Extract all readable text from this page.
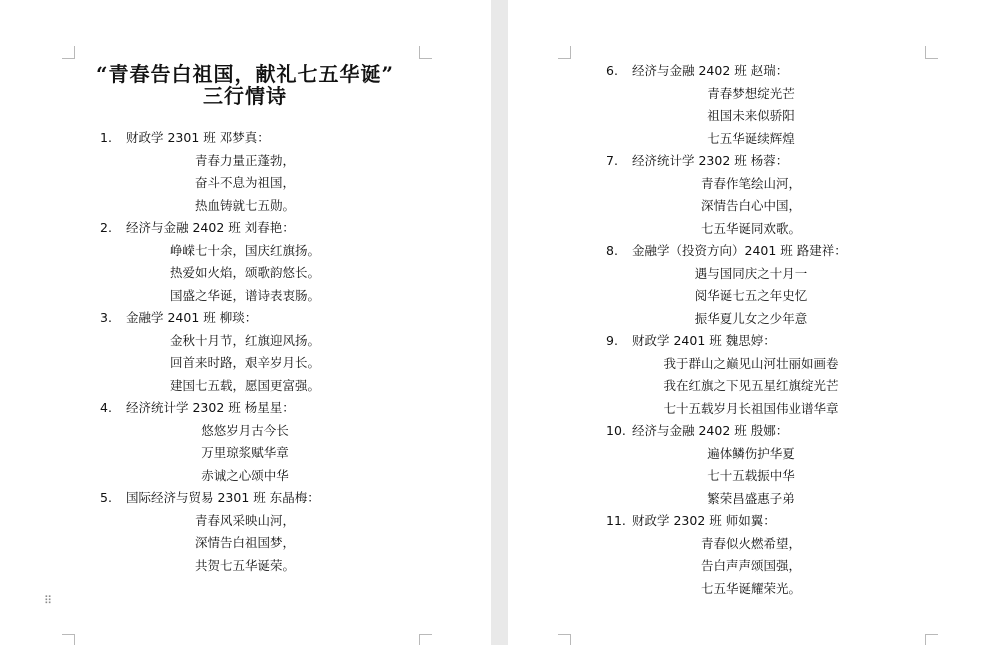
“青春告白祖国，献礼七五华诞”
三行情诗
1. 财政学 2301 班 邓梦真：
青春力量正蓬勃，
奋斗不息为祖国，
热血铸就七五勋。
2. 经济与金融 2402 班 刘春艳：
峥嵘七十余，国庆红旗扬。
热爱如火焰，颂歌韵悠长。
国盛之华诞，谱诗表衷肠。
3. 金融学 2401 班 柳琰：
金秋十月节，红旗迎风扬。
回首来时路，艰辛岁月长。
建国七五载，愿国更富强。
4. 经济统计学 2302 班 杨星星：
悠悠岁月古今长
万里琼浆赋华章
赤诚之心颂中华
5. 国际经济与贸易 2301 班 东晶梅：
青春风采映山河，
深情告白祖国梦，
共贺七五华诞荣。
⠿
6. 经济与金融 2402 班 赵瑞：
青春梦想绽光芒
祖国未来似骄阳
七五华诞续辉煌
7. 经济统计学 2302 班 杨蓉：
青春作笔绘山河，
深情告白心中国，
七五华诞同欢歌。
8. 金融学（投资方向）2401 班 路建祥：
遇与国同庆之十月一
阅华诞七五之年史忆
振华夏儿女之少年意
9. 财政学 2401 班 魏思婷：
我于群山之巅见山河壮丽如画卷
我在红旗之下见五星红旗绽光芒
七十五载岁月长祖国伟业谱华章
10. 经济与金融 2402 班 殷娜：
遍体鳞伤护华夏
七十五载振中华
繁荣昌盛惠子弟
11. 财政学 2302 班 师如翼：
青春似火燃希望，
告白声声颂国强，
七五华诞耀荣光。
